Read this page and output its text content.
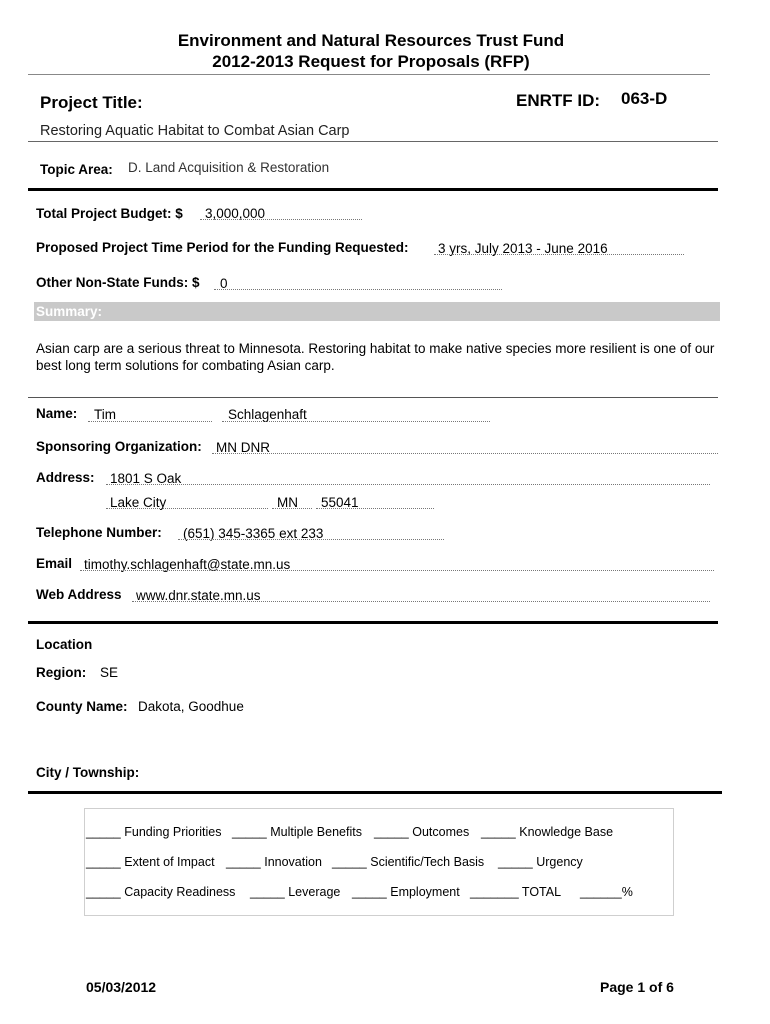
Environment and Natural Resources Trust Fund
2012-2013 Request for Proposals (RFP)
Project Title:	ENRTF ID: 063-D
Restoring Aquatic Habitat to Combat Asian Carp
Topic Area: D. Land Acquisition & Restoration
Total Project Budget: $ 3,000,000
Proposed Project Time Period for the Funding Requested: 3 yrs, July 2013 - June 2016
Other Non-State Funds: $ 0
Summary:
Asian carp are a serious threat to Minnesota. Restoring habitat to make native species more resilient is one of our best long term solutions for combating Asian carp.
Name: Tim	Schlagenhaft
Sponsoring Organization: MN DNR
Address: 1801 S Oak
Lake City	MN 55041
Telephone Number: (651) 345-3365 ext 233
Email timothy.schlagenhaft@state.mn.us
Web Address www.dnr.state.mn.us
Location
Region: SE
County Name: Dakota, Goodhue
City / Township:
_____ Funding Priorities _____ Multiple Benefits _____ Outcomes _____ Knowledge Base
_____ Extent of Impact _____ Innovation _____ Scientific/Tech Basis _____ Urgency
_____ Capacity Readiness _____ Leverage _____ Employment _______ TOTAL ______%
05/03/2012	Page 1 of 6
